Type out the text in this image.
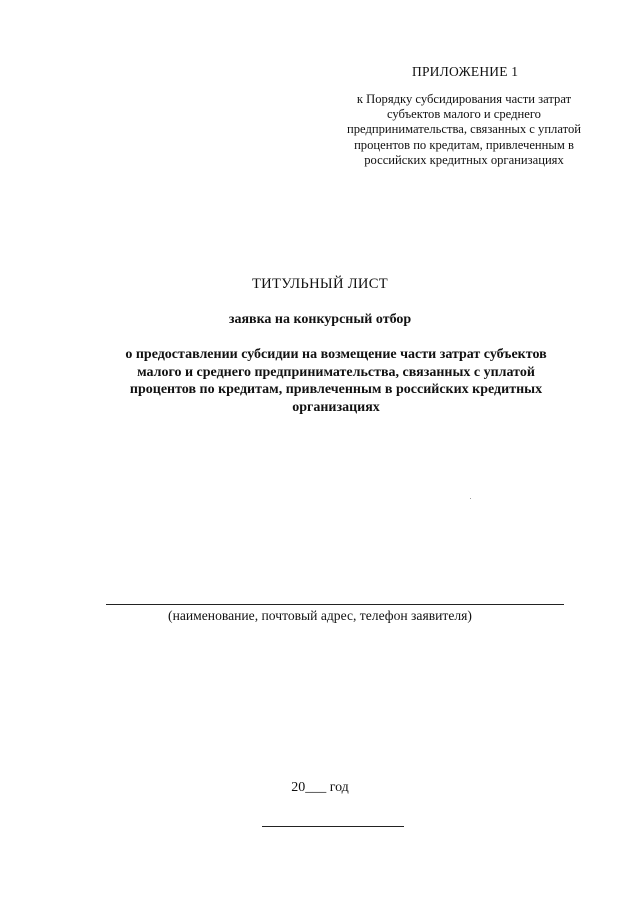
ПРИЛОЖЕНИЕ 1
к Порядку субсидирования части затрат
субъектов малого и среднего
предпринимательства, связанных с уплатой
процентов по кредитам, привлеченным в
российских кредитных организациях
ТИТУЛЬНЫЙ ЛИСТ
заявка на конкурсный отбор
о предоставлении субсидии на возмещение части затрат субъектов
малого и среднего предпринимательства, связанных с уплатой
процентов по кредитам, привлеченным в российских кредитных
организациях
(наименование, почтовый адрес, телефон заявителя)
20___ год
